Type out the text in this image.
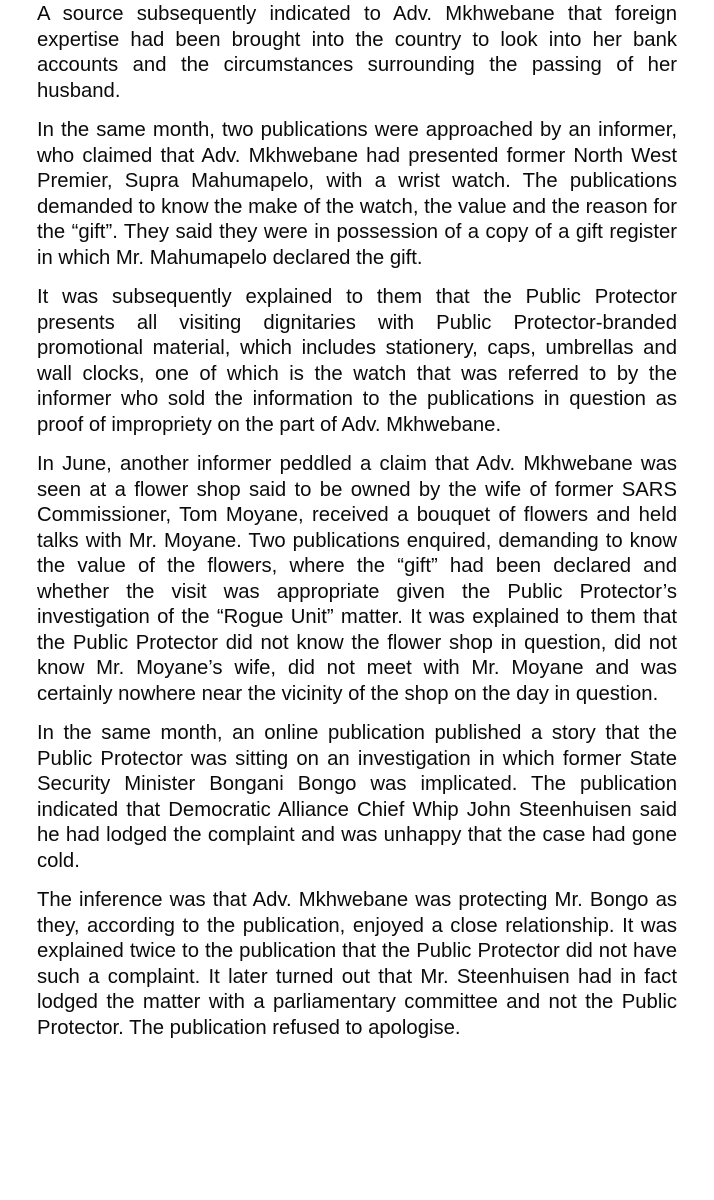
A source subsequently indicated to Adv. Mkhwebane that foreign expertise had been brought into the country to look into her bank accounts and the circumstances surrounding the passing of her husband.

In the same month, two publications were approached by an informer, who claimed that Adv. Mkhwebane had presented former North West Premier, Supra Mahumapelo, with a wrist watch. The publications demanded to know the make of the watch, the value and the reason for the “gift”. They said they were in possession of a copy of a gift register in which Mr. Mahumapelo declared the gift.

It was subsequently explained to them that the Public Protector presents all visiting dignitaries with Public Protector-branded promotional material, which includes stationery, caps, umbrellas and wall clocks, one of which is the watch that was referred to by the informer who sold the information to the publications in question as proof of impropriety on the part of Adv. Mkhwebane.

In June, another informer peddled a claim that Adv. Mkhwebane was seen at a flower shop said to be owned by the wife of former SARS Commissioner, Tom Moyane, received a bouquet of flowers and held talks with Mr. Moyane. Two publications enquired, demanding to know the value of the flowers, where the “gift” had been declared and whether the visit was appropriate given the Public Protector’s investigation of the “Rogue Unit” matter. It was explained to them that the Public Protector did not know the flower shop in question, did not know Mr. Moyane’s wife, did not meet with Mr. Moyane and was certainly nowhere near the vicinity of the shop on the day in question.

In the same month, an online publication published a story that the Public Protector was sitting on an investigation in which former State Security Minister Bongani Bongo was implicated. The publication indicated that Democratic Alliance Chief Whip John Steenhuisen said he had lodged the complaint and was unhappy that the case had gone cold.

The inference was that Adv. Mkhwebane was protecting Mr. Bongo as they, according to the publication, enjoyed a close relationship. It was explained twice to the publication that the Public Protector did not have such a complaint. It later turned out that Mr. Steenhuisen had in fact lodged the matter with a parliamentary committee and not the Public Protector. The publication refused to apologise.
